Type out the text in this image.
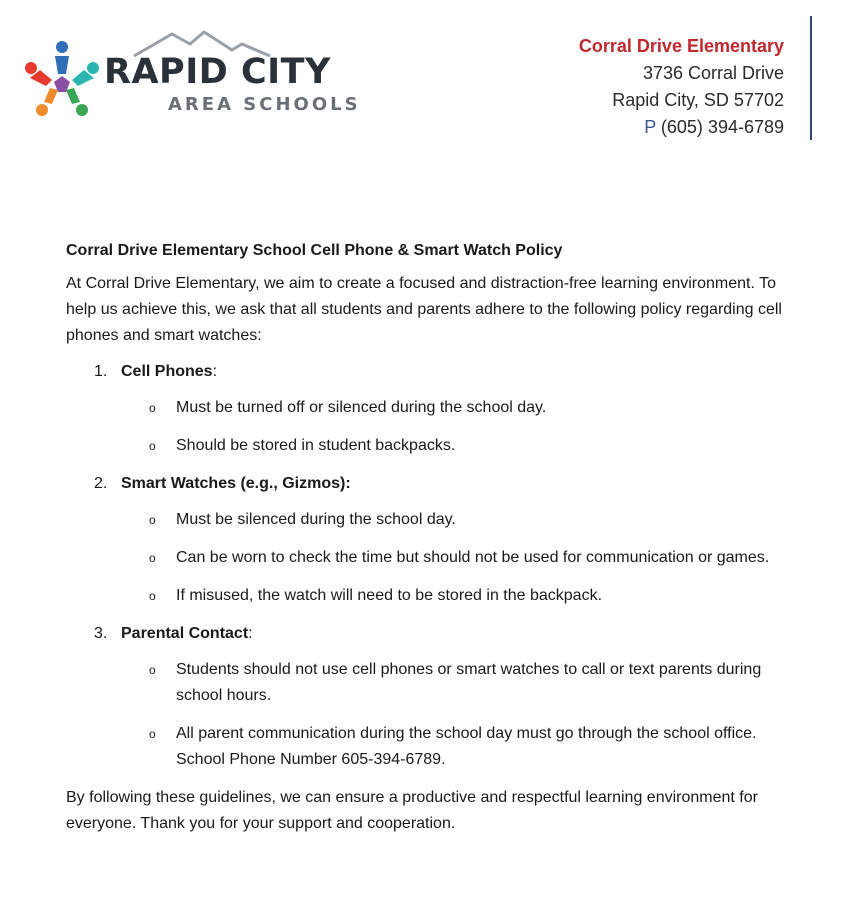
RAPID CITY
AREA SCHOOLS
Corral Drive Elementary
3736 Corral Drive
Rapid City, SD 57702
P (605) 394-6789
Corral Drive Elementary School Cell Phone & Smart Watch Policy

At Corral Drive Elementary, we aim to create a focused and distraction-free learning environment. To help us achieve this, we ask that all students and parents adhere to the following policy regarding cell phones and smart watches:

1. Cell Phones:
o Must be turned off or silenced during the school day.
o Should be stored in student backpacks.
2. Smart Watches (e.g., Gizmos):
o Must be silenced during the school day.
o Can be worn to check the time but should not be used for communication or games.
o If misused, the watch will need to be stored in the backpack.
3. Parental Contact:
o Students should not use cell phones or smart watches to call or text parents during school hours.
o All parent communication during the school day must go through the school office. School Phone Number 605-394-6789.

By following these guidelines, we can ensure a productive and respectful learning environment for everyone. Thank you for your support and cooperation.
